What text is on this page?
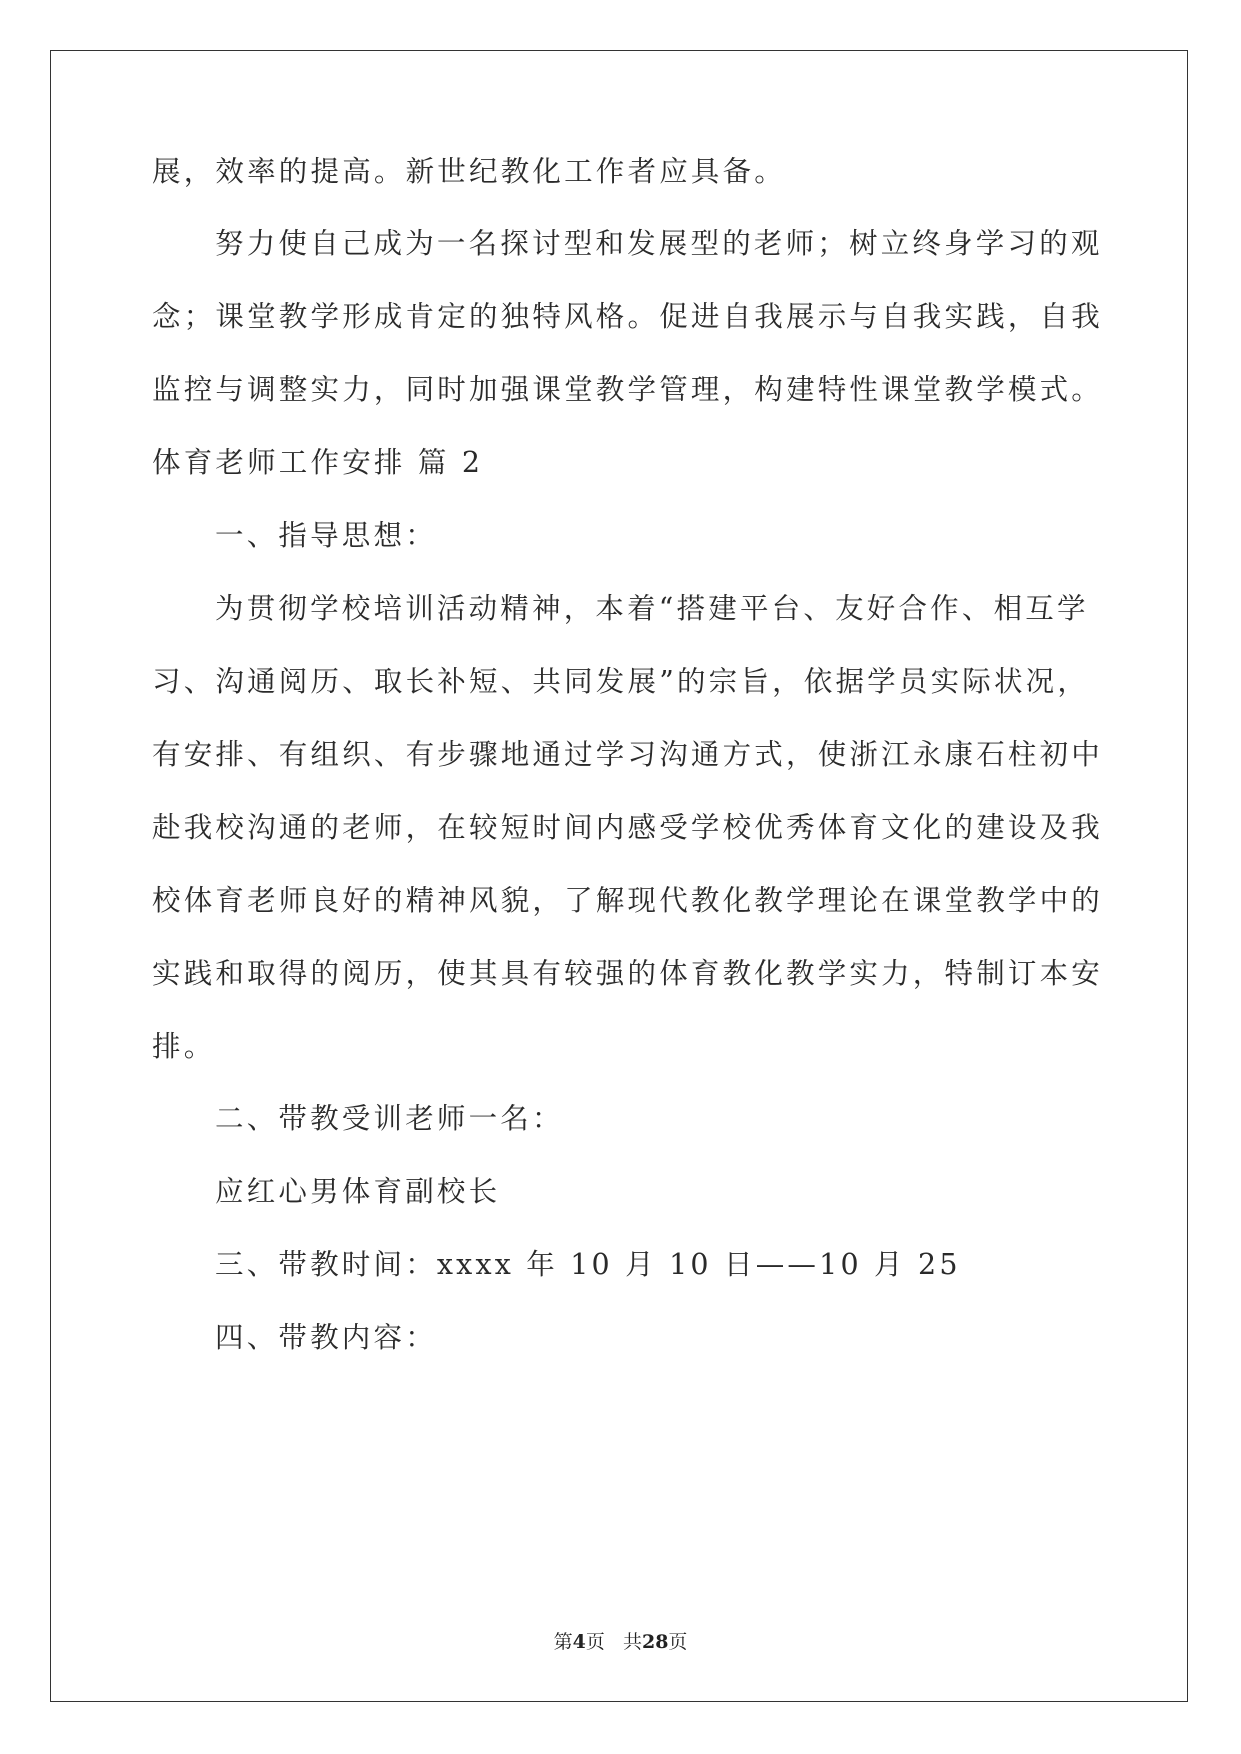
展，效率的提高。新世纪教化工作者应具备。
努力使自己成为一名探讨型和发展型的老师；树立终身学习的观
念；课堂教学形成肯定的独特风格。促进自我展示与自我实践，自我
监控与调整实力，同时加强课堂教学管理，构建特性课堂教学模式。
体育老师工作安排 篇 2
一、指导思想：
为贯彻学校培训活动精神，本着“搭建平台、友好合作、相互学
习、沟通阅历、取长补短、共同发展”的宗旨，依据学员实际状况，
有安排、有组织、有步骤地通过学习沟通方式，使浙江永康石柱初中
赴我校沟通的老师，在较短时间内感受学校优秀体育文化的建设及我
校体育老师良好的精神风貌，了解现代教化教学理论在课堂教学中的
实践和取得的阅历，使其具有较强的体育教化教学实力，特制订本安
排。
二、带教受训老师一名：
应红心男体育副校长
三、带教时间：xxxx 年 10 月 10 日——10 月 25
四、带教内容：
第4页 共28页
